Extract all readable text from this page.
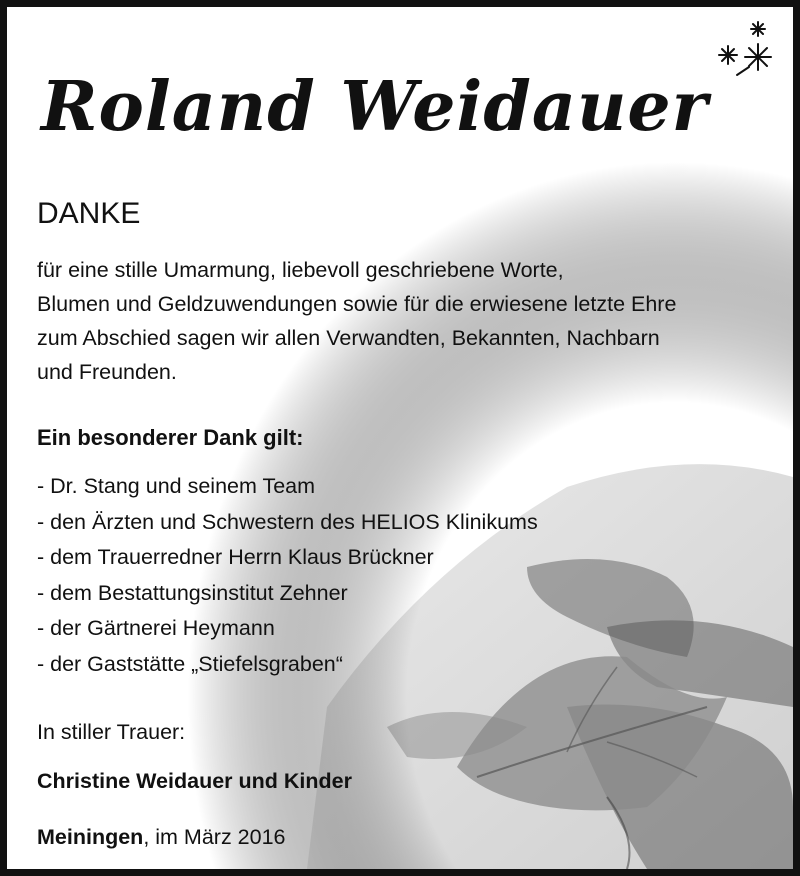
Roland Weidauer
DANKE
für eine stille Umarmung, liebevoll geschriebene Worte,
Blumen und Geldzuwendungen sowie für die erwiesene letzte Ehre
zum Abschied sagen wir allen Verwandten, Bekannten, Nachbarn
und Freunden.
Ein besonderer Dank gilt:
- Dr. Stang und seinem Team
- den Ärzten und Schwestern des HELIOS Klinikums
- dem Trauerredner Herrn Klaus Brückner
- dem Bestattungsinstitut Zehner
- der Gärtnerei Heymann
- der Gaststätte „Stiefelsgraben“
In stiller Trauer:
Christine Weidauer und Kinder
Meiningen, im März 2016
